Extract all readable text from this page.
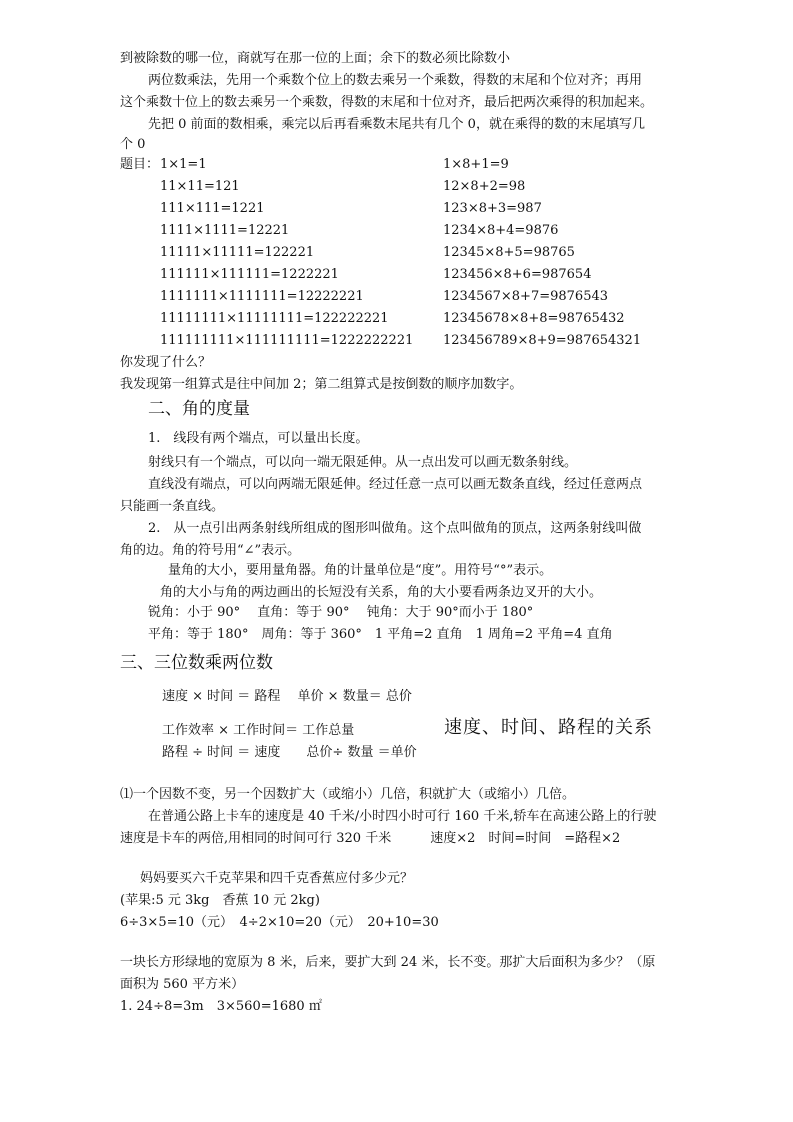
到被除数的哪一位，商就写在那一位的上面；余下的数必须比除数小
两位数乘法，先用一个乘数个位上的数去乘另一个乘数，得数的末尾和个位对齐；再用
这个乘数十位上的数去乘另一个乘数，得数的末尾和十位对齐，最后把两次乘得的积加起来。
先把 0 前面的数相乘，乘完以后再看乘数末尾共有几个 0，就在乘得的数的末尾填写几
个 0
题目： 1×1=1
11×11=121
111×111=1221
1111×1111=12221
11111×11111=122221
111111×111111=1222221
1111111×1111111=12222221
11111111×11111111=122222221
111111111×111111111=1222222221
1×8+1=9
12×8+2=98
123×8+3=987
1234×8+4=9876
12345×8+5=98765
123456×8+6=987654
1234567×8+7=9876543
12345678×8+8=98765432
123456789×8+9=987654321
你发现了什么？
我发现第一组算式是往中间加 2；第二组算式是按倒数的顺序加数字。
二、角的度量
1.　线段有两个端点，可以量出长度。
射线只有一个端点，可以向一端无限延伸。从一点出发可以画无数条射线。
直线没有端点，可以向两端无限延伸。经过任意一点可以画无数条直线，经过任意两点
只能画一条直线。
2.　从一点引出两条射线所组成的图形叫做角。这个点叫做角的顶点，这两条射线叫做
角的边。角的符号用“∠”表示。
量角的大小，要用量角器。角的计量单位是“度”。用符号“°”表示。
角的大小与角的两边画出的长短没有关系，角的大小要看两条边叉开的大小。
锐角：小于 90°　 直角：等于 90°　 钝角：大于 90°而小于 180°
平角：等于 180°　周角：等于 360°　1 平角=2 直角　1 周角=2 平角=4 直角
三、三位数乘两位数
速度 × 时间 ＝ 路程　 单价 × 数量＝ 总价
工作效率 × 工作时间＝ 工作总量	速度、时间、路程的关系
路程 ÷ 时间 ＝ 速度　　总价÷ 数量 ＝单价
⑴一个因数不变，另一个因数扩大（或缩小）几倍，积就扩大（或缩小）几倍。
在普通公路上卡车的速度是 40 千米/小时四小时可行 160 千米,轿车在高速公路上的行驶
速度是卡车的两倍,用相同的时间可行 320 千米　　　速度×2　时间=时间　=路程×2
妈妈要买六千克苹果和四千克香蕉应付多少元？
(苹果:5 元 3kg　香蕉 10 元 2kg)
6÷3×5=10（元）　4÷2×10=20（元）　20+10=30
一块长方形绿地的宽原为 8 米，后来，要扩大到 24 米，长不变。那扩大后面积为多少？（原
面积为 560 平方米）
1. 24÷8=3m　3×560=1680 ㎡
